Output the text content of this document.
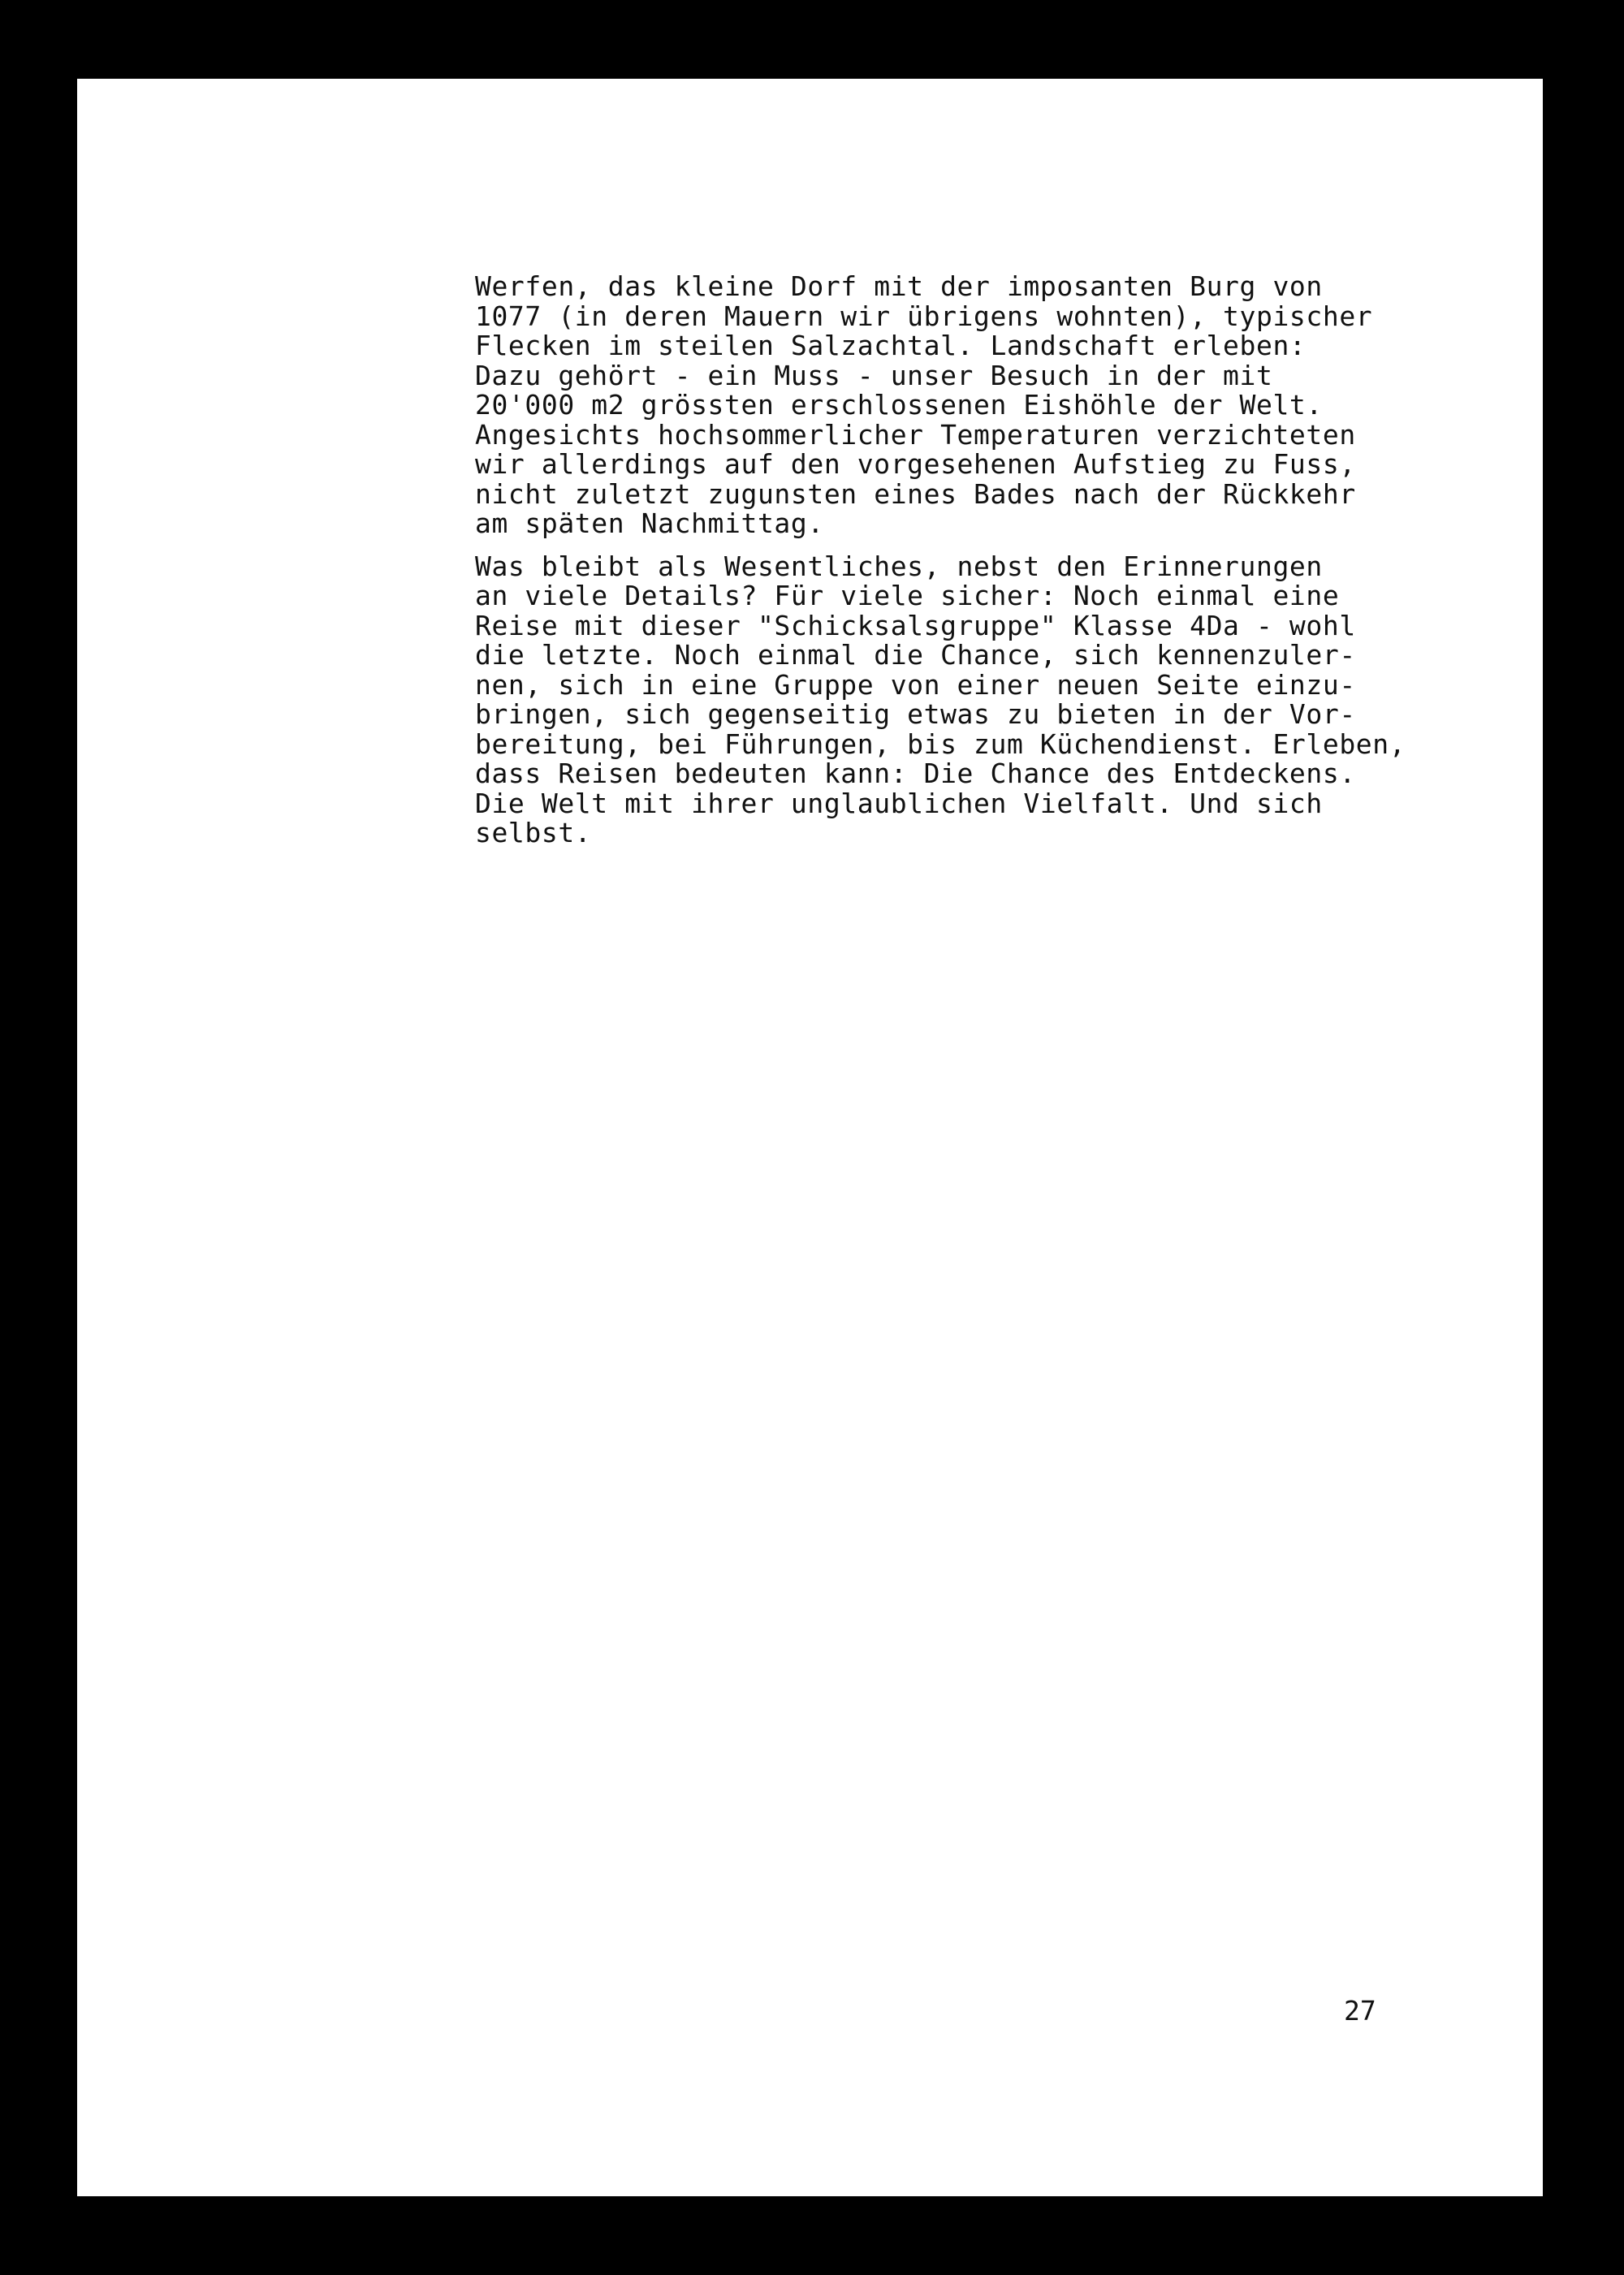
Werfen, das kleine Dorf mit der imposanten Burg von
1077 (in deren Mauern wir übrigens wohnten), typischer
Flecken im steilen Salzachtal. Landschaft erleben:
Dazu gehört - ein Muss - unser Besuch in der mit
20'000 m2 grössten erschlossenen Eishöhle der Welt.
Angesichts hochsommerlicher Temperaturen verzichteten
wir allerdings auf den vorgesehenen Aufstieg zu Fuss,
nicht zuletzt zugunsten eines Bades nach der Rückkehr
am späten Nachmittag.
Was bleibt als Wesentliches, nebst den Erinnerungen
an viele Details? Für viele sicher: Noch einmal eine
Reise mit dieser "Schicksalsgruppe" Klasse 4Da - wohl
die letzte. Noch einmal die Chance, sich kennenzuler-
nen, sich in eine Gruppe von einer neuen Seite einzu-
bringen, sich gegenseitig etwas zu bieten in der Vor-
bereitung, bei Führungen, bis zum Küchendienst. Erleben,
dass Reisen bedeuten kann: Die Chance des Entdeckens.
Die Welt mit ihrer unglaublichen Vielfalt. Und sich
selbst.
27
